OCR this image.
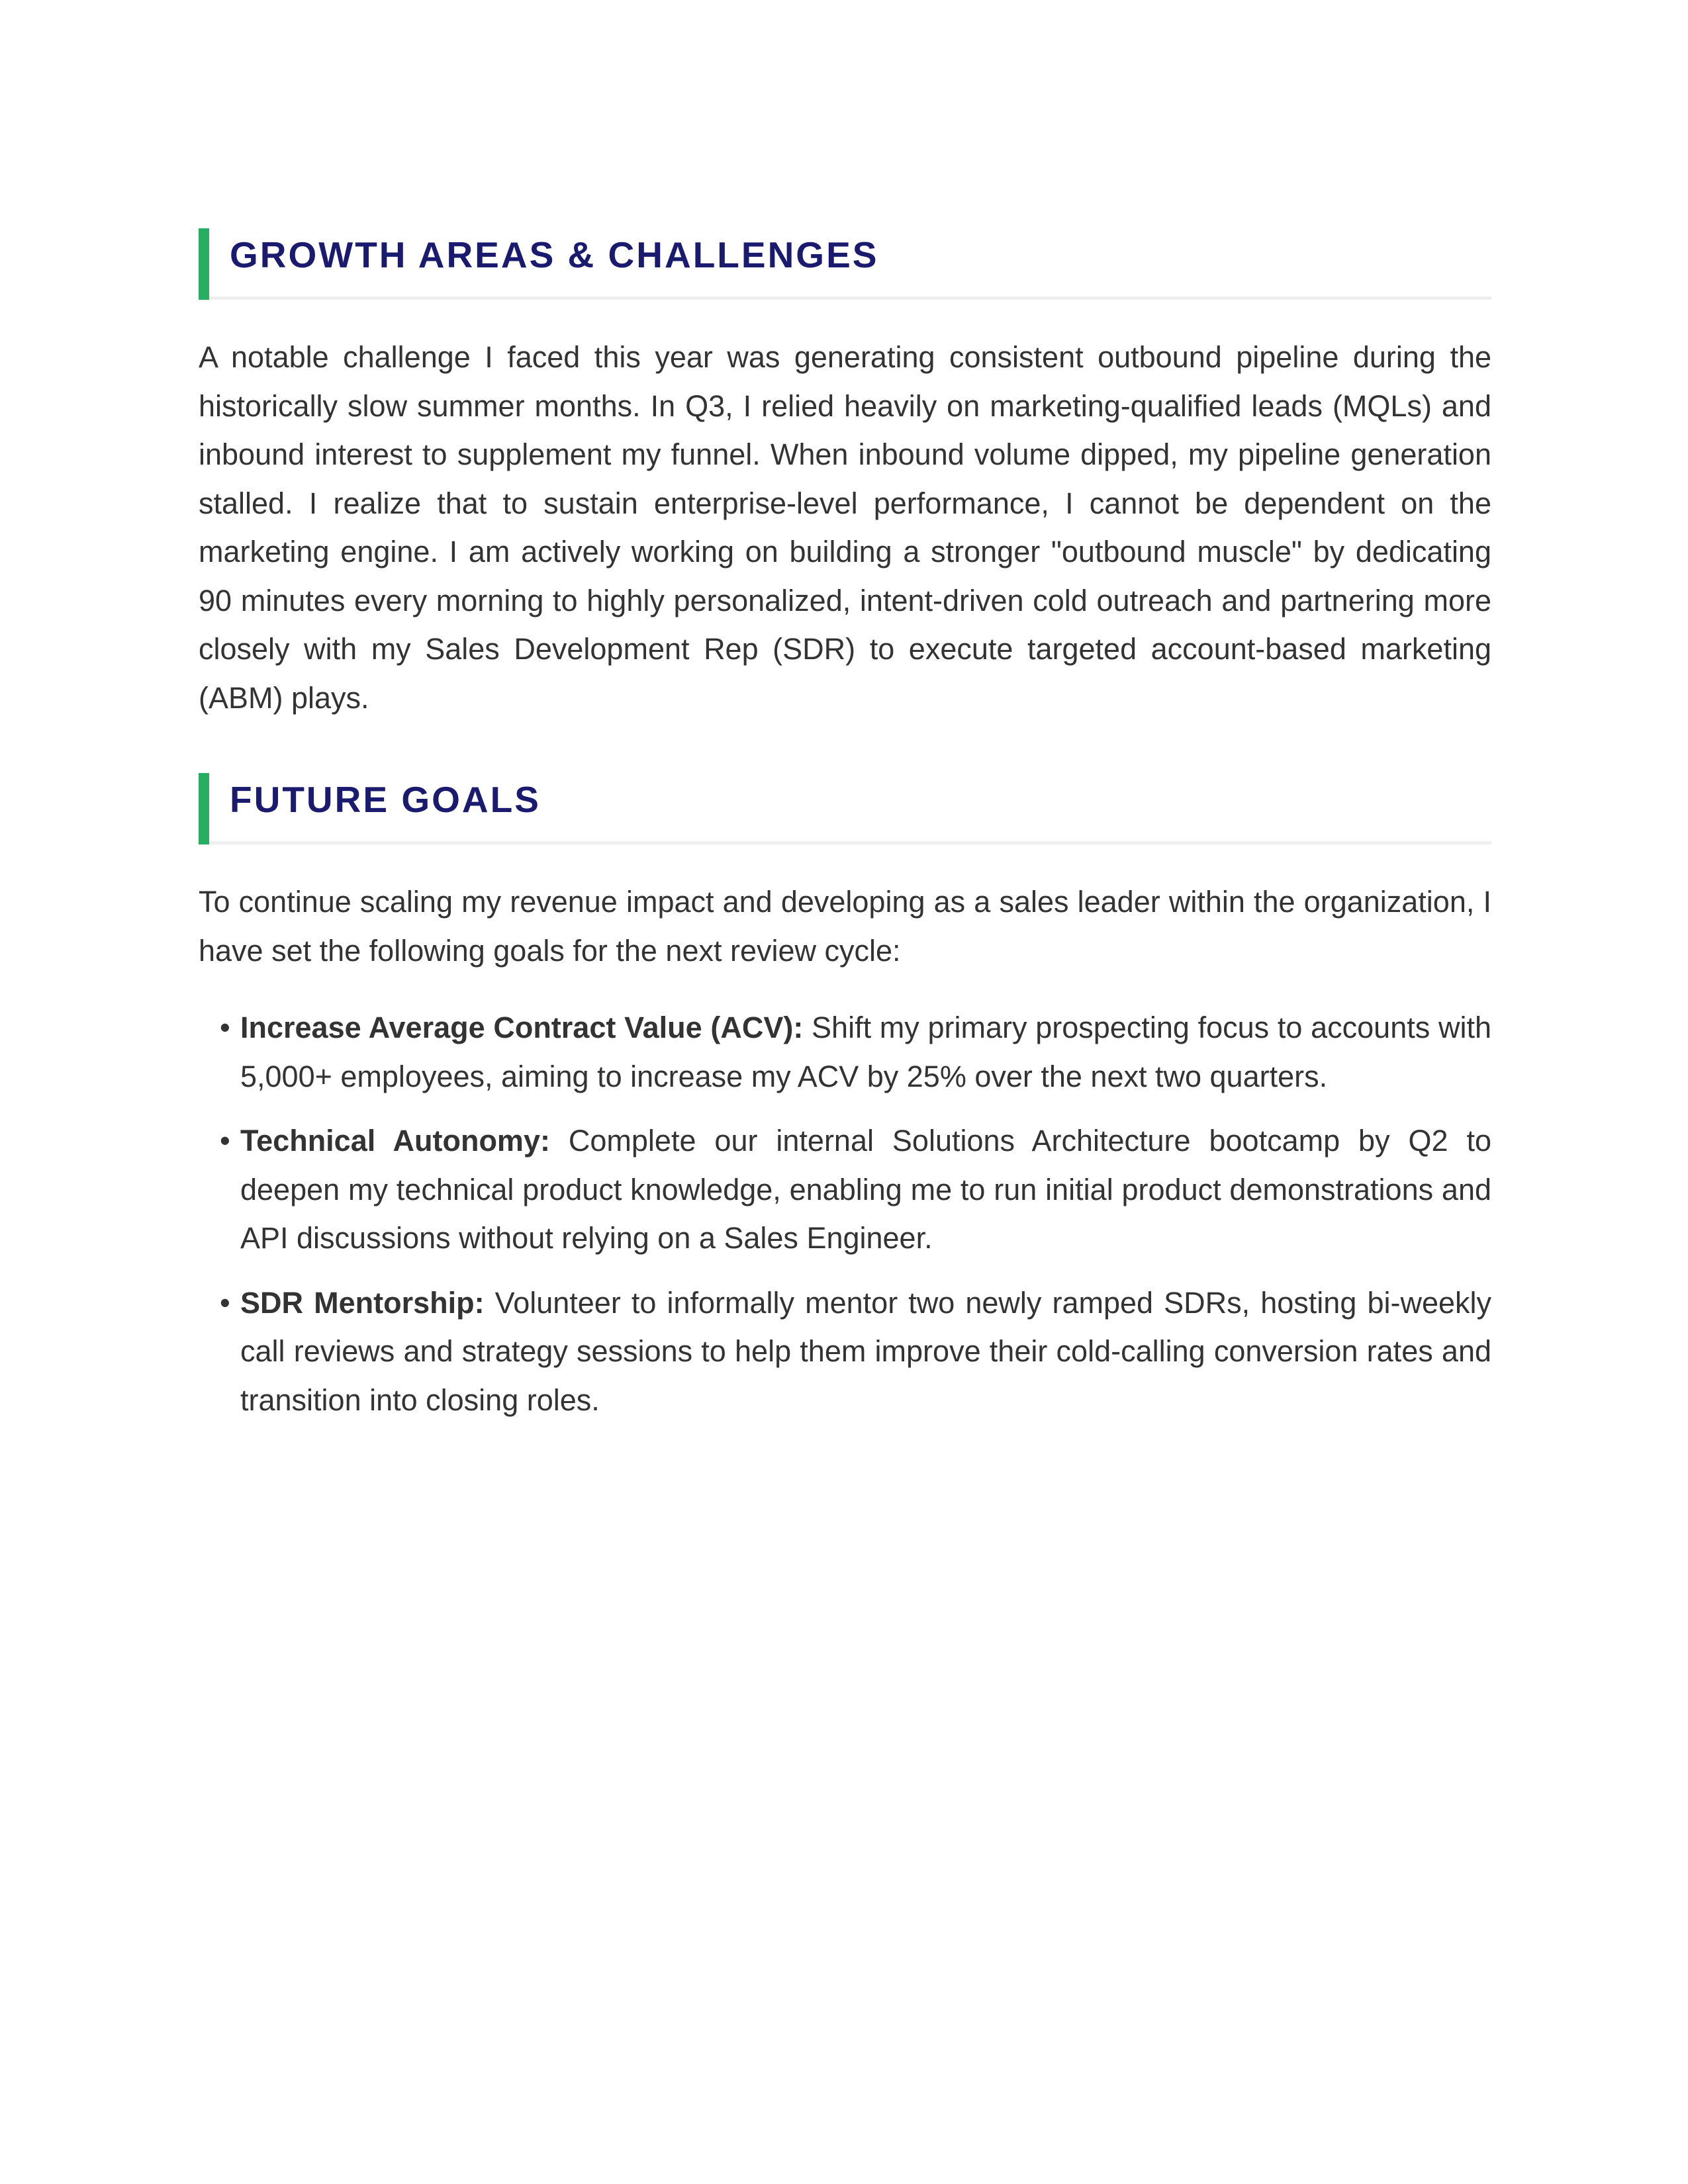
GROWTH AREAS & CHALLENGES

A notable challenge I faced this year was generating consistent outbound pipeline during the historically slow summer months. In Q3, I relied heavily on marketing-qualified leads (MQLs) and inbound interest to supplement my funnel. When inbound volume dipped, my pipeline generation stalled. I realize that to sustain enterprise-level performance, I cannot be dependent on the marketing engine. I am actively working on building a stronger "outbound muscle" by dedicating 90 minutes every morning to highly personalized, intent-driven cold outreach and partnering more closely with my Sales Development Rep (SDR) to execute targeted account-based marketing (ABM) plays.

FUTURE GOALS

To continue scaling my revenue impact and developing as a sales leader within the organization, I have set the following goals for the next review cycle:

• Increase Average Contract Value (ACV): Shift my primary prospecting focus to accounts with 5,000+ employees, aiming to increase my ACV by 25% over the next two quarters.
• Technical Autonomy: Complete our internal Solutions Architecture bootcamp by Q2 to deepen my technical product knowledge, enabling me to run initial product demonstrations and API discussions without relying on a Sales Engineer.
• SDR Mentorship: Volunteer to informally mentor two newly ramped SDRs, hosting bi-weekly call reviews and strategy sessions to help them improve their cold-calling conversion rates and transition into closing roles.
